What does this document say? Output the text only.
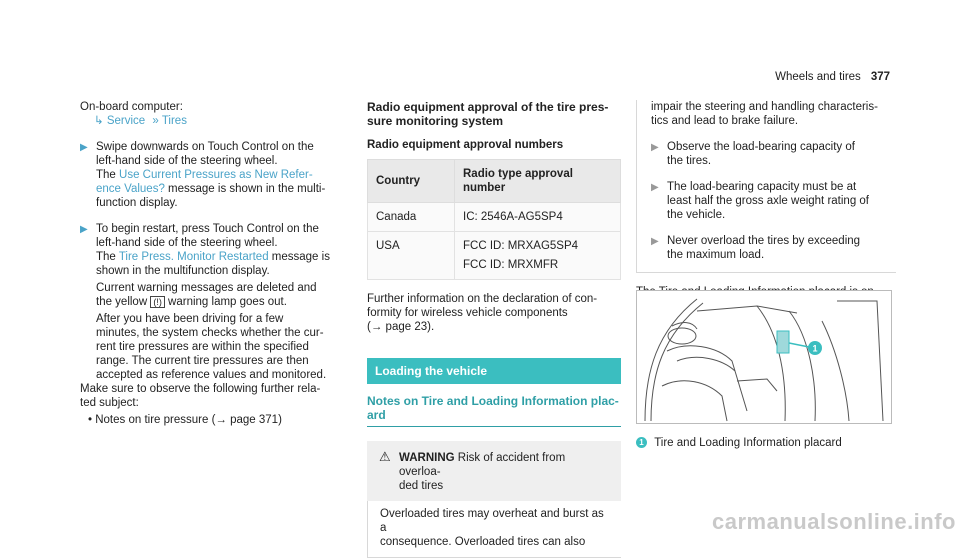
Wheels and tires 377

On-board computer:

↳ Service » Tires

▶ Swipe downwards on Touch Control on the
left-hand side of the steering wheel.
The Use Current Pressures as New Refer-
ence Values? message is shown in the multi-
function display.
▶ To begin restart, press Touch Control on the
left-hand side of the steering wheel.
The Tire Press. Monitor Restarted message is
shown in the multifunction display.
Current warning messages are deleted and
the yellow (!) warning lamp goes out.
After you have been driving for a few
minutes, the system checks whether the cur-
rent tire pressures are within the specified
range. The current tire pressures are then
accepted as reference values and monitored.
Make sure to observe the following further rela-
ted subject:
• Notes on tire pressure (→ page 371)
Radio equipment approval of the tire pres-
sure monitoring system
Radio equipment approval numbers
Country	Radio type approval number
Canada	IC: 2546A-AG5SP4
USA	FCC ID: MRXAG5SP4
FCC ID: MRXMFR
Further information on the declaration of con-
formity for wireless vehicle components
(→ page 23).
Loading the vehicle
Notes on Tire and Loading Information plac-
ard
⚠ WARNING Risk of accident from overloa-
ded tires
Overloaded tires may overheat and burst as a
consequence. Overloaded tires can also
impair the steering and handling characteris-
tics and lead to brake failure.
▶ Observe the load-bearing capacity of
the tires.
▶ The load-bearing capacity must be at
least half the gross axle weight rating of
the vehicle.
▶ Never overload the tires by exceeding
the maximum load.
1
1 Tire and Loading Information placard
carmanualsonline.info
